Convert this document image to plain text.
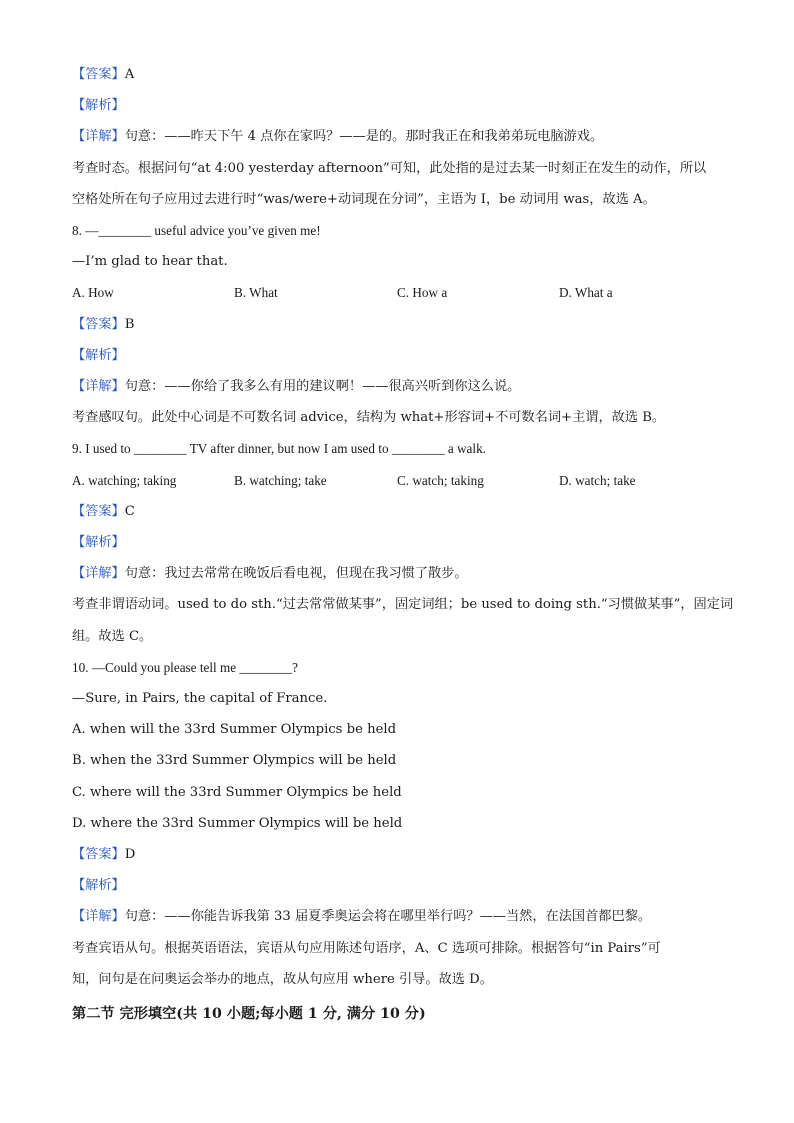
【答案】A
【解析】
【详解】句意：——昨天下午 4 点你在家吗？——是的。那时我正在和我弟弟玩电脑游戏。
考查时态。根据问句“at 4:00 yesterday afternoon”可知，此处指的是过去某一时刻正在发生的动作，所以
空格处所在句子应用过去进行时“was/were+动词现在分词”，主语为 I，be 动词用 was，故选 A。
8. —________ useful advice you’ve given me!
—I’m glad to hear that.
A. How	B. What	C. How a	D. What a
【答案】B
【解析】
【详解】句意：——你给了我多么有用的建议啊！——很高兴听到你这么说。
考查感叹句。此处中心词是不可数名词 advice，结构为 what+形容词+不可数名词+主谓，故选 B。
9. I used to ________ TV after dinner, but now I am used to ________ a walk.
A. watching; taking	B. watching; take	C. watch; taking	D. watch; take
【答案】C
【解析】
【详解】句意：我过去常常在晚饭后看电视，但现在我习惯了散步。
考查非谓语动词。used to do sth.“过去常常做某事”，固定词组；be used to doing sth.“习惯做某事”，固定词
组。故选 C。
10. —Could you please tell me ________?
—Sure, in Pairs, the capital of France.
A. when will the 33rd Summer Olympics be held
B. when the 33rd Summer Olympics will be held
C. where will the 33rd Summer Olympics be held
D. where the 33rd Summer Olympics will be held
【答案】D
【解析】
【详解】句意：——你能告诉我第 33 届夏季奥运会将在哪里举行吗？——当然，在法国首都巴黎。
考查宾语从句。根据英语语法，宾语从句应用陈述句语序，A、C 选项可排除。根据答句“in Pairs”可
知，问句是在问奥运会举办的地点，故从句应用 where 引导。故选 D。
第二节 完形填空(共 10 小题;每小题 1 分, 满分 10 分)
